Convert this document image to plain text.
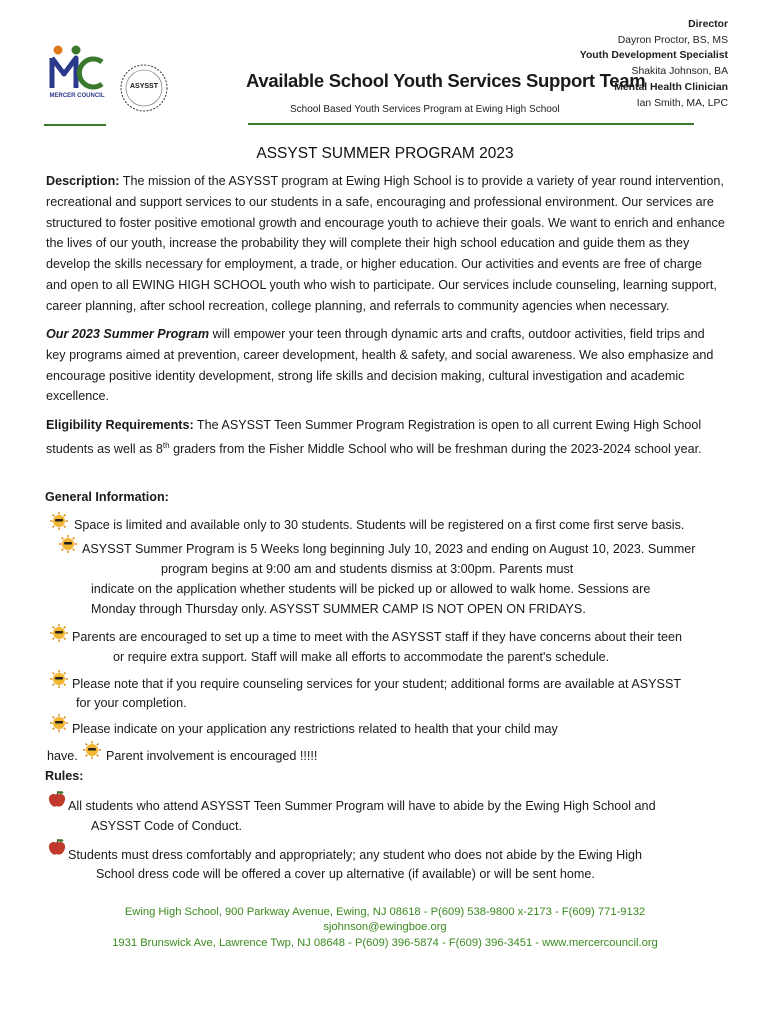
MERCER COUNCIL
ASYSST	Available School Youth Services Support Team
School Based Youth Services Program at Ewing High School
Director
Dayron Proctor, BS, MS
Youth Development Specialist
Shakita Johnson, BA
Mental Health Clinician
Ian Smith, MA, LPC
ASSYST SUMMER PROGRAM 2023
Description: The mission of the ASYSST program at Ewing High School is to provide a variety of year round intervention, recreational and support services to our students in a safe, encouraging and professional environment. Our services are structured to foster positive emotional growth and encourage youth to achieve their goals. We want to enrich and enhance the lives of our youth, increase the probability they will complete their high school education and guide them as they develop the skills necessary for employment, a trade, or higher education. Our activities and events are free of charge and open to all EWING HIGH SCHOOL youth who wish to participate. Our services include counseling, learning support, career planning, after school recreation, college planning, and referrals to community agencies when necessary.
Our 2023 Summer Program will empower your teen through dynamic arts and crafts, outdoor activities, field trips and key programs aimed at prevention, career development, health & safety, and social awareness. We also emphasize and encourage positive identity development, strong life skills and decision making, cultural investigation and academic excellence.
Eligibility Requirements: The ASYSST Teen Summer Program Registration is open to all current Ewing High School students as well as 8th graders from the Fisher Middle School who will be freshman during the 2023-2024 school year.
General Information:
Space is limited and available only to 30 students. Students will be registered on a first come first serve basis.
ASYSST Summer Program is 5 Weeks long beginning July 10, 2023 and ending on August 10, 2023. Summer
program begins at 9:00 am and students dismiss at 3:00pm. Parents must
indicate on the application whether students will be picked up or allowed to walk home. Sessions are
Monday through Thursday only. ASYSST SUMMER CAMP IS NOT OPEN ON FRIDAYS.
Parents are encouraged to set up a time to meet with the ASYSST staff if they have concerns about their teen
or require extra support. Staff will make all efforts to accommodate the parent's schedule.
Please note that if you require counseling services for your student; additional forms are available at ASYSST
for your completion.
Please indicate on your application any restrictions related to health that your child may
have. Parent involvement is encouraged !!!!!
Rules:
All students who attend ASYSST Teen Summer Program will have to abide by the Ewing High School and
ASYSST Code of Conduct.
Students must dress comfortably and appropriately; any student who does not abide by the Ewing High
School dress code will be offered a cover up alternative (if available) or will be sent home.
Ewing High School, 900 Parkway Avenue, Ewing, NJ 08618 - P(609) 538-9800 x-2173 - F(609) 771-9132
sjohnson@ewingboe.org
1931 Brunswick Ave, Lawrence Twp, NJ 08648 - P(609) 396-5874 - F(609) 396-3451 - www.mercercouncil.org
